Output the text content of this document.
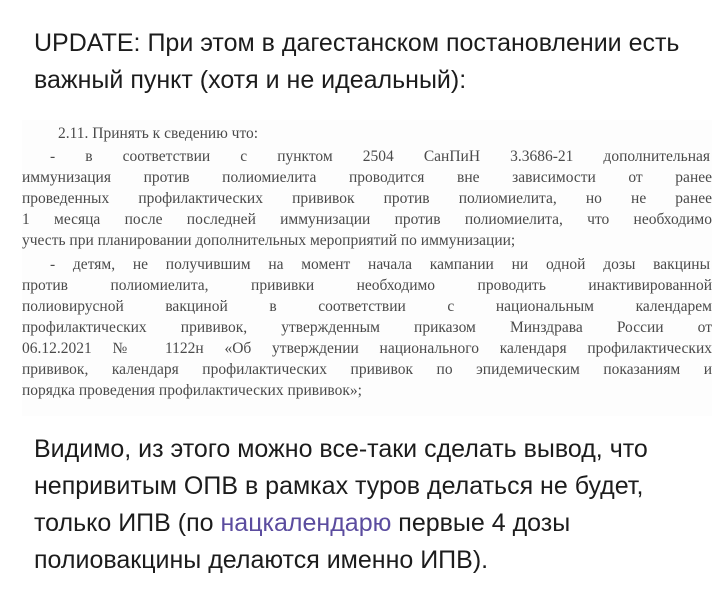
UPDATE: При этом в дагестанском постановлении есть
важный пункт (хотя и не идеальный):
2.11. Принять к сведению что:
- в соответствии с пунктом 2504 СанПиН 3.3686-21 дополнительная
иммунизация против полиомиелита проводится вне зависимости от ранее
проведенных профилактических прививок против полиомиелита, но не ранее
1 месяца после последней иммунизации против полиомиелита, что необходимо
учесть при планировании дополнительных мероприятий по иммунизации;
- детям, не получившим на момент начала кампании ни одной дозы вакцины
против полиомиелита, прививки необходимо проводить инактивированной
полиовирусной вакциной в соответствии с национальным календарем
профилактических прививок, утвержденным приказом Минздрава России от
06.12.2021 № 1122н «Об утверждении национального календаря профилактических
прививок, календаря профилактических прививок по эпидемическим показаниям и
порядка проведения профилактических прививок»;
Видимо, из этого можно все-таки сделать вывод, что
непривитым ОПВ в рамках туров делаться не будет,
только ИПВ (по нацкалендарю первые 4 дозы
полиовакцины делаются именно ИПВ).
